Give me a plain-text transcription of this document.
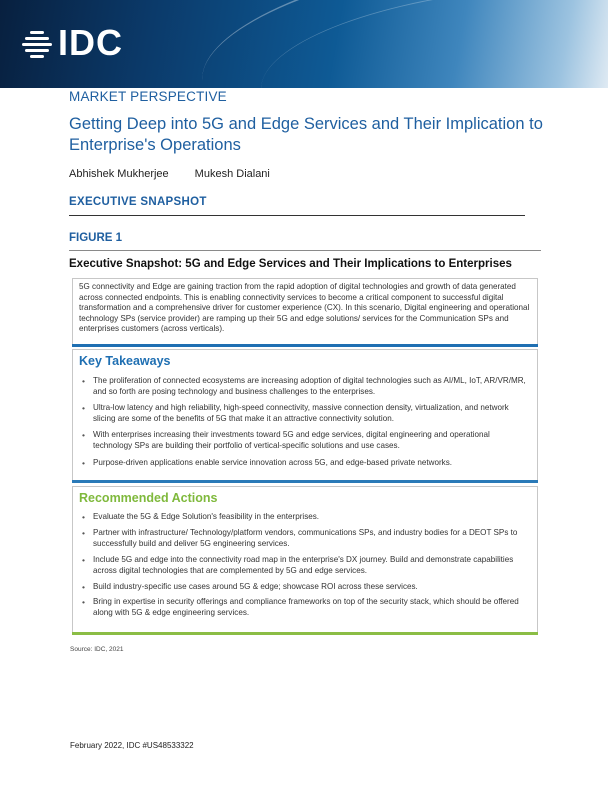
IDC
MARKET PERSPECTIVE
Getting Deep into 5G and Edge Services and Their Implication to Enterprise's Operations
Abhishek Mukherjee Mukesh Dialani
EXECUTIVE SNAPSHOT
FIGURE 1
Executive Snapshot: 5G and Edge Services and Their Implications to Enterprises
5G connectivity and Edge are gaining traction from the rapid adoption of digital technologies and growth of data generated across connected endpoints. This is enabling connectivity services to become a critical component to successful digital transformation and a comprehensive driver for customer experience (CX). In this scenario, Digital engineering and operational technology SPs (service provider) are ramping up their 5G and edge solutions/ services for the Communication SPs and enterprises customers (across verticals).
Key Takeaways
• The proliferation of connected ecosystems are increasing adoption of digital technologies such as AI/ML, IoT, AR/VR/MR, and so forth are posing technology and business challenges to the enterprises.
• Ultra-low latency and high reliability, high-speed connectivity, massive connection density, virtualization, and network slicing are some of the benefits of 5G that make it an attractive connectivity solution.
• With enterprises increasing their investments toward 5G and edge services, digital engineering and operational technology SPs are building their portfolio of vertical-specific solutions and use cases.
• Purpose-driven applications enable service innovation across 5G, and edge-based private networks.
Recommended Actions
• Evaluate the 5G & Edge Solution's feasibility in the enterprises.
• Partner with infrastructure/ Technology/platform vendors, communications SPs, and industry bodies for a DEOT SPs to successfully build and deliver 5G engineering services.
• Include 5G and edge into the connectivity road map in the enterprise's DX journey. Build and demonstrate capabilities across digital technologies that are complemented by 5G and edge services.
• Build industry-specific use cases around 5G & edge; showcase ROI across these services.
• Bring in expertise in security offerings and compliance frameworks on top of the security stack, which should be offered along with 5G & edge engineering services.
Source: IDC, 2021
February 2022, IDC #US48533322
